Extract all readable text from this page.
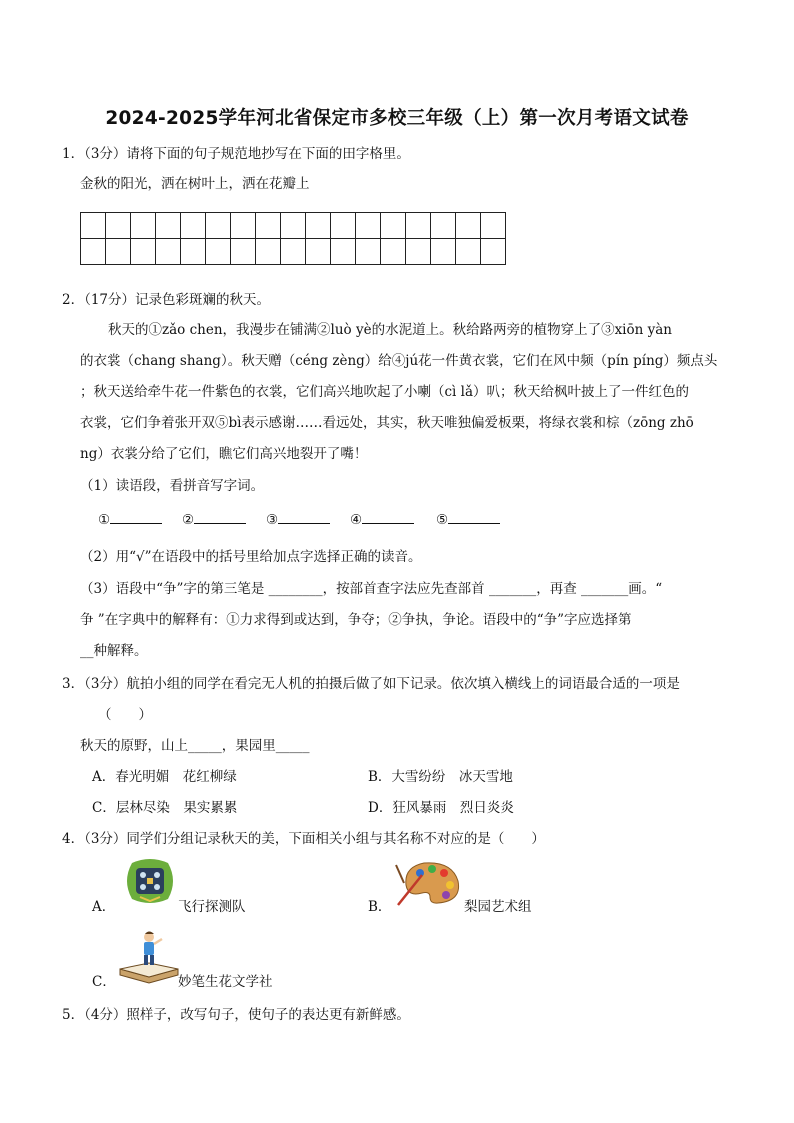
2024-2025学年河北省保定市多校三年级（上）第一次月考语文试卷
1．（3分）请将下面的句子规范地抄写在下面的田字格里。
金秋的阳光，洒在树叶上，洒在花瓣上

2．（17分）记录色彩斑斓的秋天。
秋天的①zǎo chen，我漫步在铺满②luò yè的水泥道上。秋给路两旁的植物穿上了③xiōn yàn
的衣裳（chang shang）。秋天赠（céng zèng）给④jú花一件黄衣裳，它们在风中频（pín píng）频点头
；秋天送给牵牛花一件紫色的衣裳，它们高兴地吹起了小喇（cì lǎ）叭；秋天给枫叶披上了一件红色的
衣裳，它们争着张开双⑤bì表示感谢……看远处，其实，秋天唯独偏爱板栗，将绿衣裳和棕（zōng zhō
ng）衣裳分给了它们，瞧它们高兴地裂开了嘴！
（1）读语段，看拼音写字词。
①	②	③	④	⑤
（2）用“√”在语段中的括号里给加点字选择正确的读音。
（3）语段中“争”字的第三笔是 ________，按部首查字法应先查部首 _______，再查 _______画。“
争 ”在字典中的解释有：①力求得到或达到，争夺；②争执，争论。语段中的“争”字应选择第
__种解释。
3．（3分）航拍小组的同学在看完无人机的拍摄后做了如下记录。依次填入横线上的词语最合适的一项是
（　　）
秋天的原野，山上_____，果园里_____
A．春光明媚　花红柳绿	B．大雪纷纷　冰天雪地
C．层林尽染　果实累累	D．狂风暴雨　烈日炎炎
4．（3分）同学们分组记录秋天的美，下面相关小组与其名称不对应的是（　　）
A．	飞行探测队	B．	梨园艺术组
C．	妙笔生花文学社
5．（4分）照样子，改写句子，使句子的表达更有新鲜感。
